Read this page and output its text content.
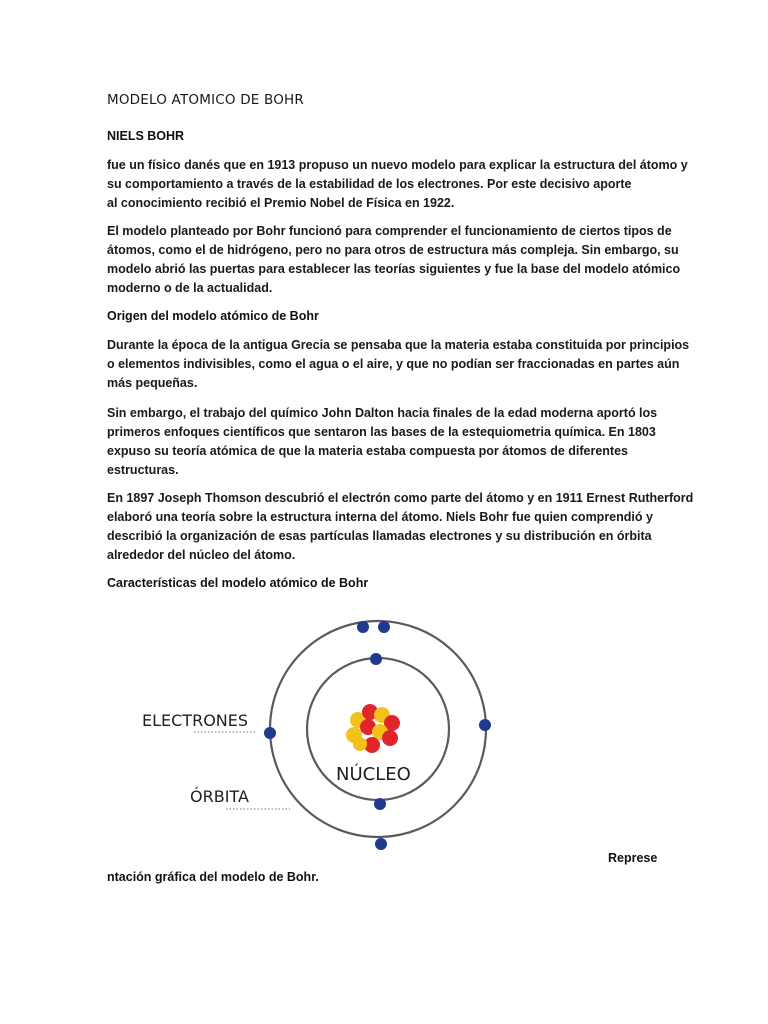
MODELO ATOMICO DE BOHR
NIELS BOHR

fue un físico danés que en 1913 propuso un nuevo modelo para explicar la estructura del átomo y

su comportamiento a través de la estabilidad de los electrones. Por este decisivo aporte

al conocimiento recibió el Premio Nobel de Física en 1922.

El modelo planteado por Bohr funcionó para comprender el funcionamiento de ciertos tipos de

átomos, como el de hidrógeno, pero no para otros de estructura más compleja. Sin embargo, su

modelo abrió las puertas para establecer las teorías siguientes y fue la base del modelo atómico

moderno o de la actualidad.

Origen del modelo atómico de Bohr

Durante la época de la antigua Grecia se pensaba que la materia estaba constituida por principios

o elementos indivisibles, como el agua o el aire, y que no podían ser fraccionadas en partes aún

más pequeñas.

Sin embargo, el trabajo del químico John Dalton hacia finales de la edad moderna aportó los

primeros enfoques científicos que sentaron las bases de la estequiometria química. En 1803

expuso su teoría atómica de que la materia estaba compuesta por átomos de diferentes

estructuras.

En 1897 Joseph Thomson descubrió el electrón como parte del átomo y en 1911 Ernest Rutherford

elaboró una teoría sobre la estructura interna del átomo. Niels Bohr fue quien comprendió y

describió la organización de esas partículas llamadas electrones y su distribución en órbita

alrededor del núcleo del átomo.

Características del modelo atómico de Bohr
ELECTRONES
ÓRBITA
NÚCLEO
Represe
ntación gráfica del modelo de Bohr.
